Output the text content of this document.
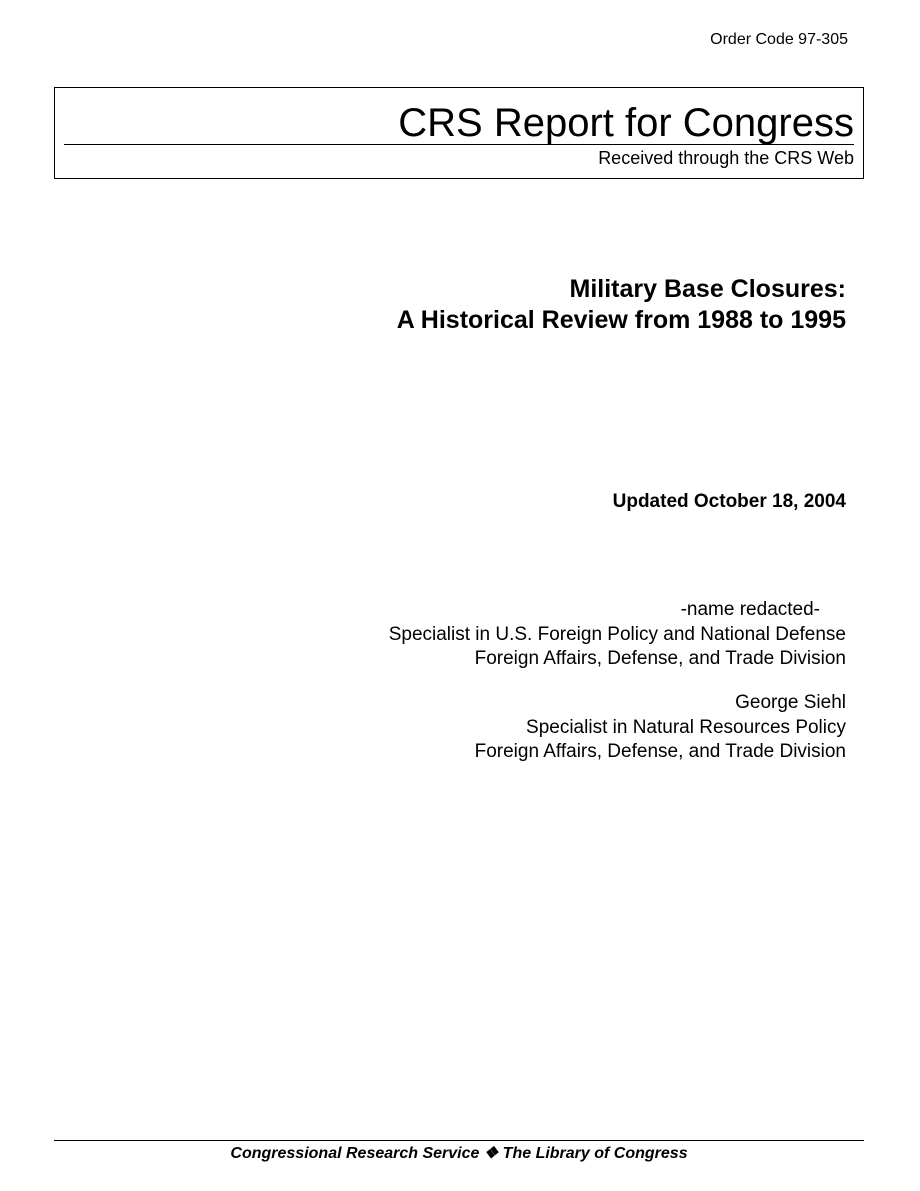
Order Code 97-305
CRS Report for Congress
Received through the CRS Web
Military Base Closures:
A Historical Review from 1988 to 1995
Updated October 18, 2004
-name redacted-
Specialist in U.S. Foreign Policy and National Defense
Foreign Affairs, Defense, and Trade Division
George Siehl
Specialist in Natural Resources Policy
Foreign Affairs, Defense, and Trade Division
Congressional Research Service ❖ The Library of Congress
